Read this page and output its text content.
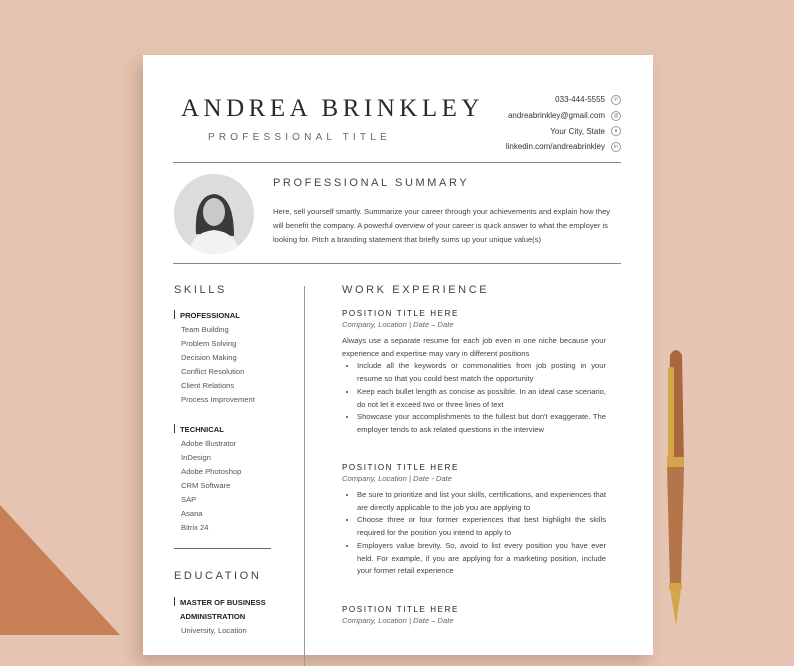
ANDREA BRINKLEY
PROFESSIONAL TITLE
033-444-5555	✆
andreabrinkley@gmail.com	@
Your City, State	●
linkedin.com/andreabrinkley	in
PROFESSIONAL SUMMARY
Here, sell yourself smartly. Summarize your career through your achievements and explain how they will benefit the company. A powerful overview of your career is quick answer to what the employer is looking for. Pitch a branding statement that briefly sums up your unique value(s)
SKILLS
PROFESSIONAL
Team Building
Problem Solving
Decision Making
Conflict Resolution
Client Relations
Process Improvement
TECHNICAL
Adobe Illustrator
InDesign
Adobe Photoshop
CRM Software
SAP
Asana
Bitrix 24
EDUCATION
MASTER OF BUSINESS
ADMINISTRATION
University, Location
WORK EXPERIENCE
POSITION TITLE HERE
Company, Location | Date – Date
Always use a separate resume for each job even in one niche because your experience and expertise may vary in different positions
• Include all the keywords or commonalities from job posting in your resume so that you could best match the opportunity
• Keep each bullet length as concise as possible. In an ideal case scenario, do not let it exceed two or three lines of text
• Showcase your accomplishments to the fullest but don't exaggerate. The employer tends to ask related questions in the interview
POSITION TITLE HERE
Company, Location | Date - Date
• Be sure to prioritize and list your skills, certifications, and experiences that are directly applicable to the job you are applying to
• Choose three or four former experiences that best highlight the skills required for the position you intend to apply to
• Employers value brevity. So, avoid to list every position you have ever held. For example, if you are applying for a marketing position, include your former retail experience
POSITION TITLE HERE
Company, Location | Date – Date
